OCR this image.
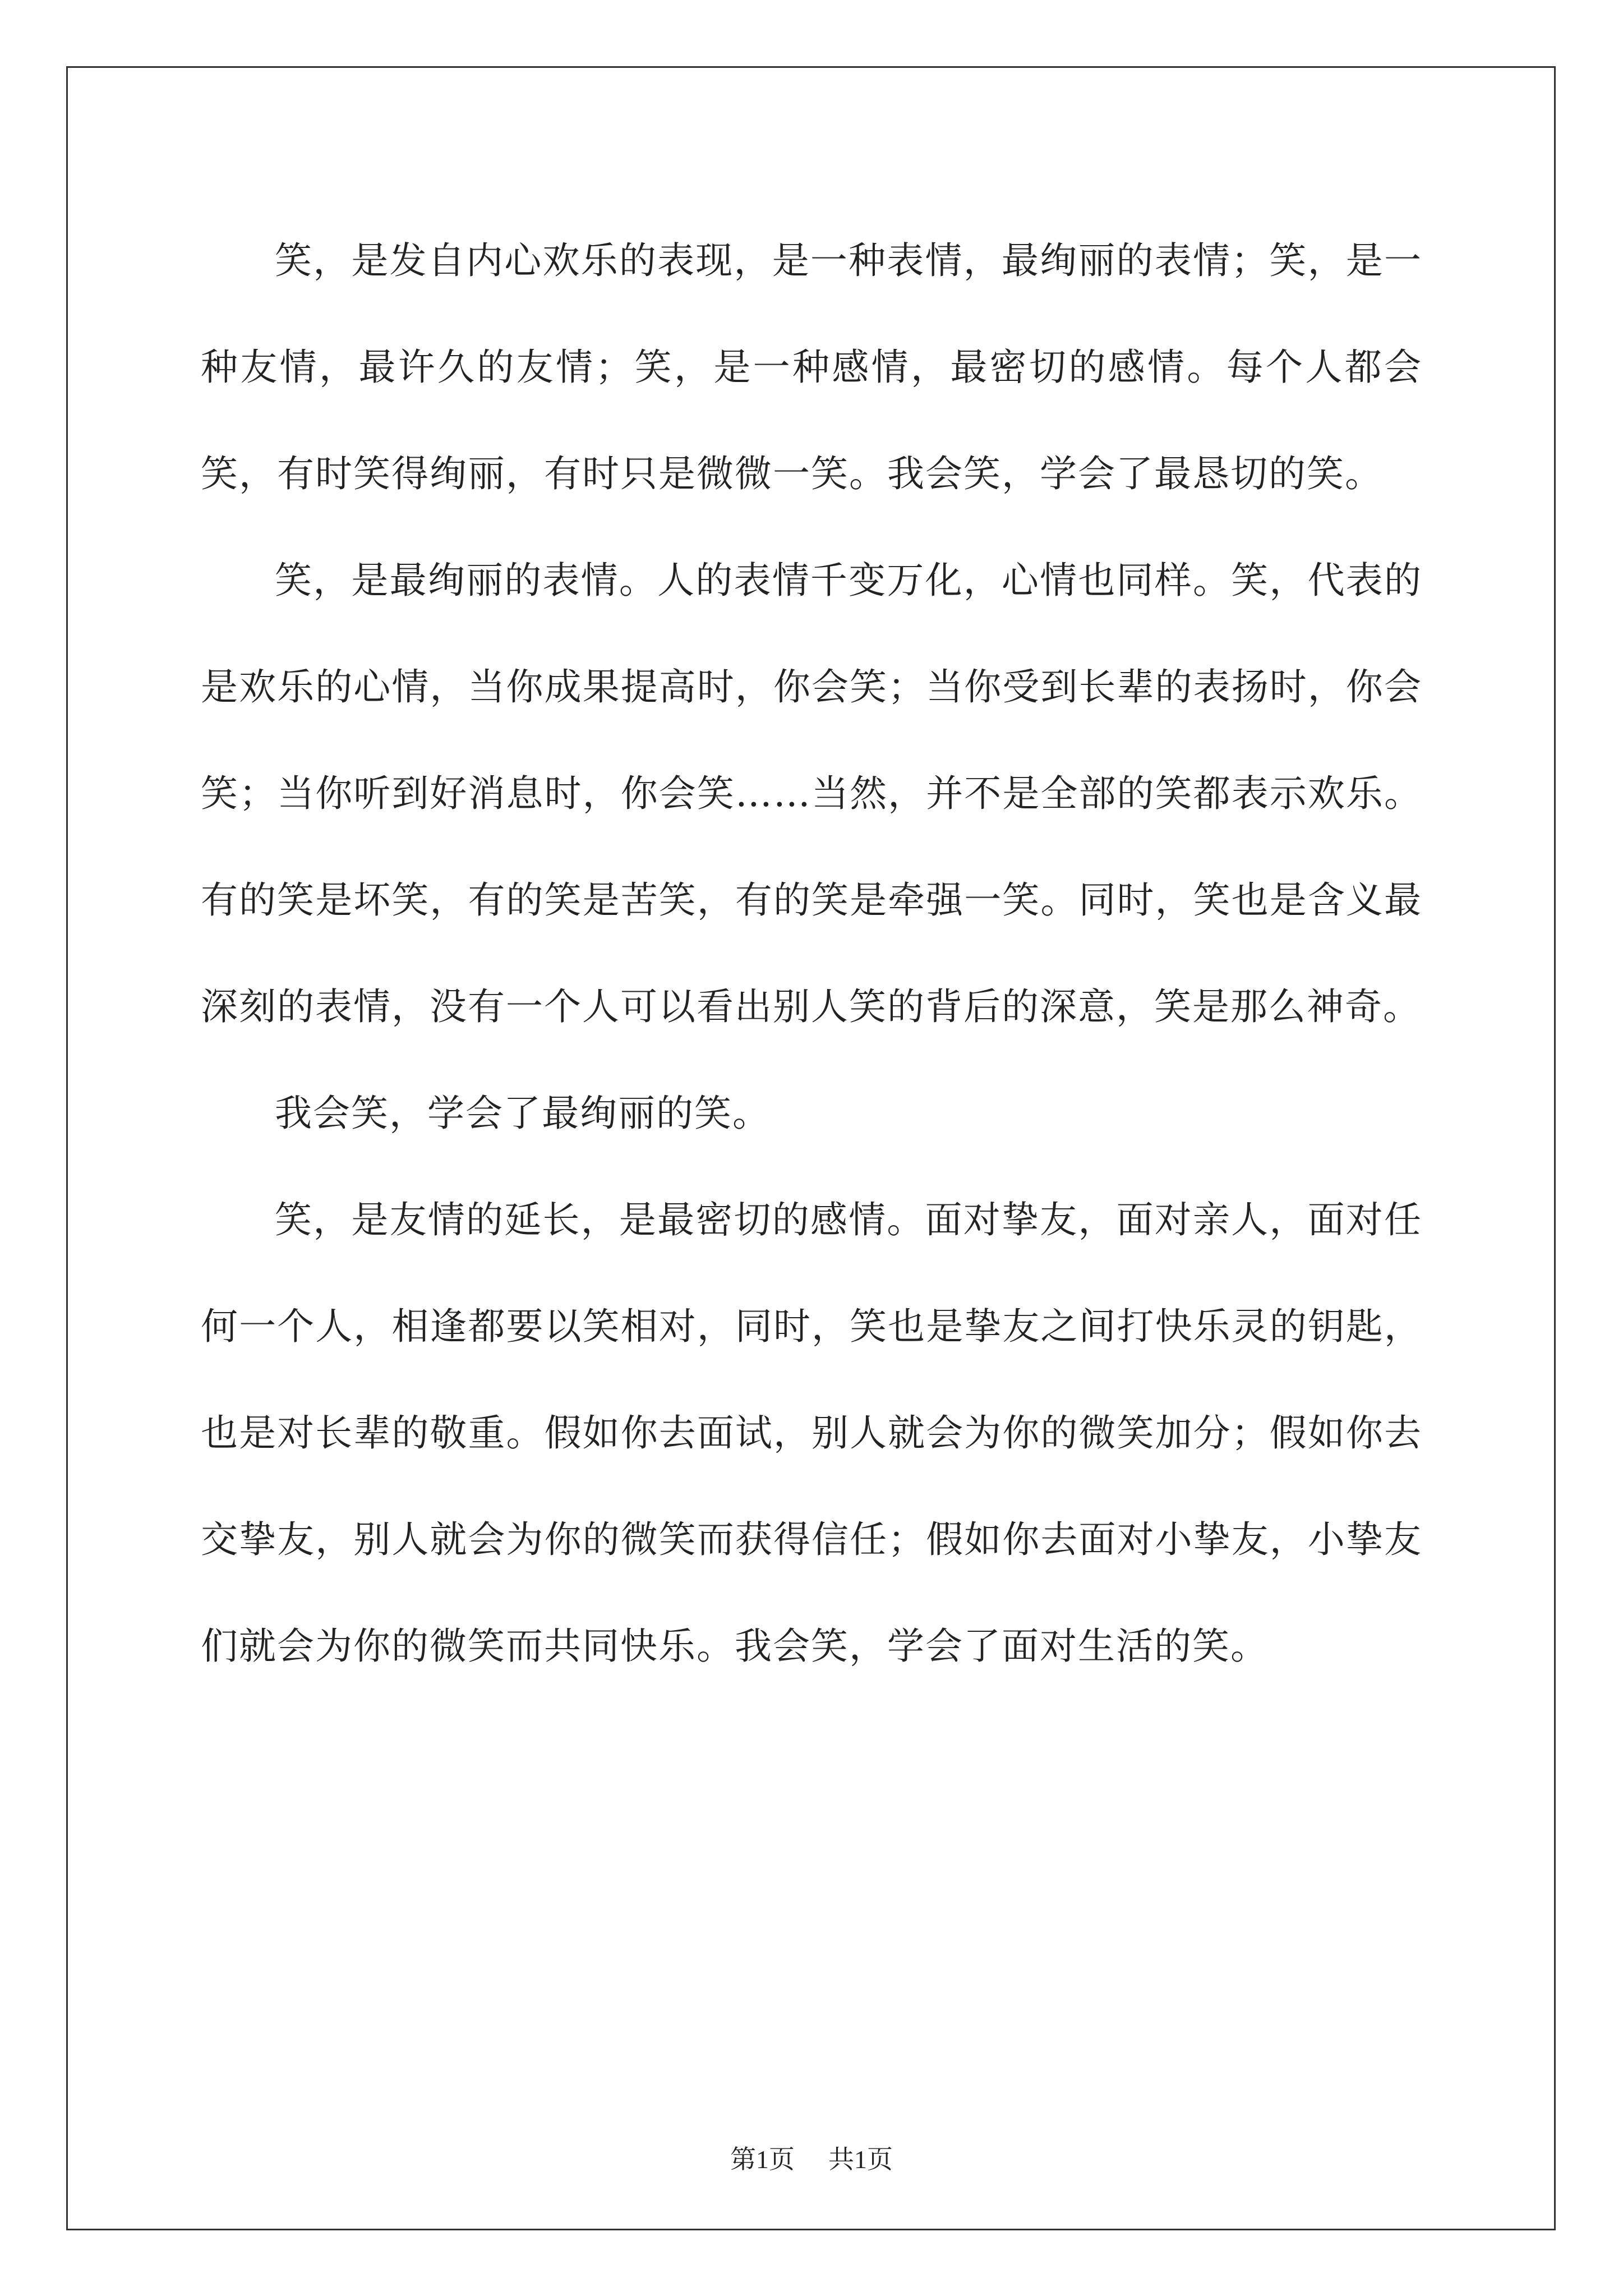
笑，是发自内心欢乐的表现，是一种表情，最绚丽的表情；笑，是一种友情，最许久的友情；笑，是一种感情，最密切的感情。每个人都会笑，有时笑得绚丽，有时只是微微一笑。我会笑，学会了最恳切的笑。

笑，是最绚丽的表情。人的表情千变万化，心情也同样。笑，代表的是欢乐的心情，当你成果提高时，你会笑；当你受到长辈的表扬时，你会笑；当你听到好消息时，你会笑……当然，并不是全部的笑都表示欢乐。有的笑是坏笑，有的笑是苦笑，有的笑是牵强一笑。同时，笑也是含义最深刻的表情，没有一个人可以看出别人笑的背后的深意，笑是那么神奇。

我会笑，学会了最绚丽的笑。

笑，是友情的延长，是最密切的感情。面对挚友，面对亲人，面对任何一个人，相逢都要以笑相对，同时，笑也是挚友之间打快乐灵的钥匙，也是对长辈的敬重。假如你去面试，别人就会为你的微笑加分；假如你去交挚友，别人就会为你的微笑而获得信任；假如你去面对小挚友，小挚友们就会为你的微笑而共同快乐。我会笑，学会了面对生活的笑。

第1页 共1页
